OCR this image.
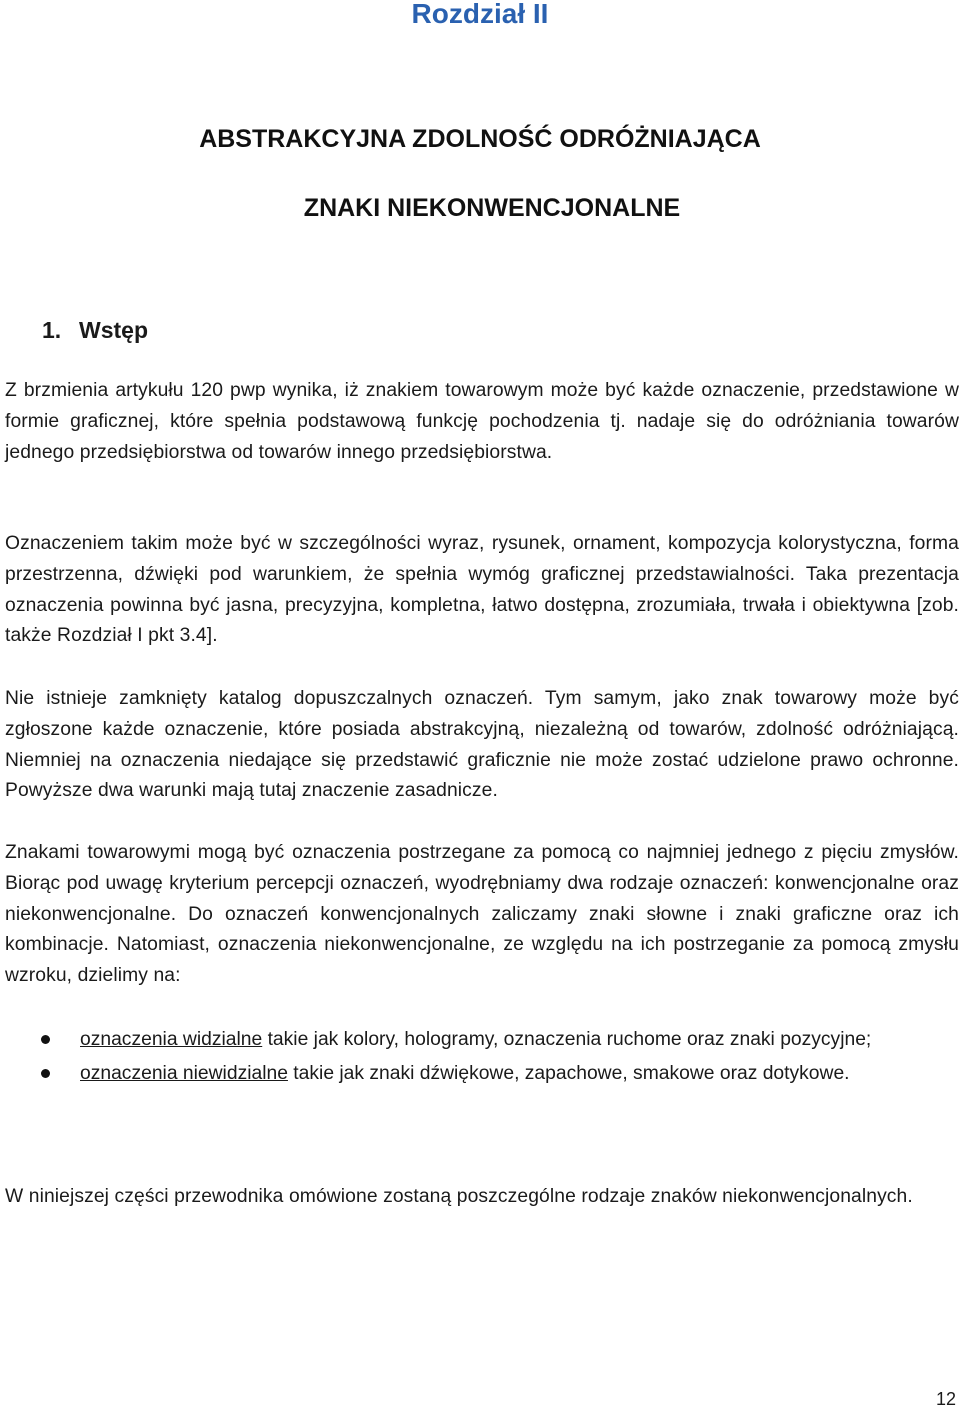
Rozdział II
ABSTRAKCYJNA ZDOLNOŚĆ ODRÓŻNIAJĄCA
ZNAKI NIEKONWENCJONALNE
1. Wstęp

Z brzmienia artykułu 120 pwp wynika, iż znakiem towarowym może być każde oznaczenie, przedstawione w formie graficznej, które spełnia podstawową funkcję pochodzenia tj. nadaje się do odróżniania towarów jednego przedsiębiorstwa od towarów innego przedsiębiorstwa.

Oznaczeniem takim może być w szczególności wyraz, rysunek, ornament, kompozycja kolorystyczna, forma przestrzenna, dźwięki pod warunkiem, że spełnia wymóg graficznej przedstawialności. Taka prezentacja oznaczenia powinna być jasna, precyzyjna, kompletna, łatwo dostępna, zrozumiała, trwała i obiektywna [zob. także Rozdział I pkt 3.4].

Nie istnieje zamknięty katalog dopuszczalnych oznaczeń. Tym samym, jako znak towarowy może być zgłoszone każde oznaczenie, które posiada abstrakcyjną, niezależną od towarów, zdolność odróżniającą. Niemniej na oznaczenia niedające się przedstawić graficznie nie może zostać udzielone prawo ochronne. Powyższe dwa warunki mają tutaj znaczenie zasadnicze.

Znakami towarowymi mogą być oznaczenia postrzegane za pomocą co najmniej jednego z pięciu zmysłów. Biorąc pod uwagę kryterium percepcji oznaczeń, wyodrębniamy dwa rodzaje oznaczeń: konwencjonalne oraz niekonwencjonalne. Do oznaczeń konwencjonalnych zaliczamy znaki słowne i znaki graficzne oraz ich kombinacje. Natomiast, oznaczenia niekonwencjonalne, ze względu na ich postrzeganie za pomocą zmysłu wzroku, dzielimy na:

oznaczenia widzialne takie jak kolory, hologramy, oznaczenia ruchome oraz znaki pozycyjne;
oznaczenia niewidzialne takie jak znaki dźwiękowe, zapachowe, smakowe oraz dotykowe.

W niniejszej części przewodnika omówione zostaną poszczególne rodzaje znaków niekonwencjonalnych.

12
